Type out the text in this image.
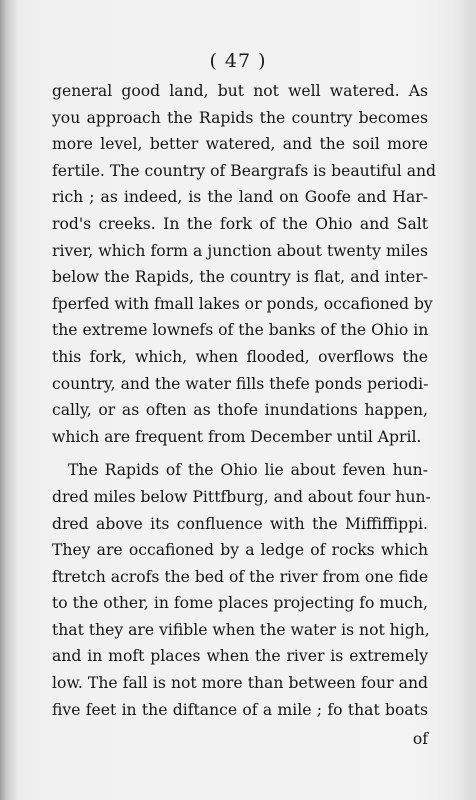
( 47 )
general good land, but not well watered. As
you approach the Rapids the country becomes
more level, better watered, and the soil more
fertile. The country of Beargrafs is beautiful and
rich ; as indeed, is the land on Goofe and Har-
rod's creeks. In the fork of the Ohio and Salt
river, which form a junction about twenty miles
below the Rapids, the country is flat, and inter-
fperfed with fmall lakes or ponds, occafioned by
the extreme lownefs of the banks of the Ohio in
this fork, which, when flooded, overflows the
country, and the water fills thefe ponds periodi-
cally, or as often as thofe inundations happen,
which are frequent from December until April.
The Rapids of the Ohio lie about feven hun-
dred miles below Pittfburg, and about four hun-
dred above its confluence with the Miffiffippi.
They are occafioned by a ledge of rocks which
ftretch acrofs the bed of the river from one fide
to the other, in fome places projecting fo much,
that they are vifible when the water is not high,
and in moft places when the river is extremely
low. The fall is not more than between four and
five feet in the diftance of a mile ; fo that boats
of
